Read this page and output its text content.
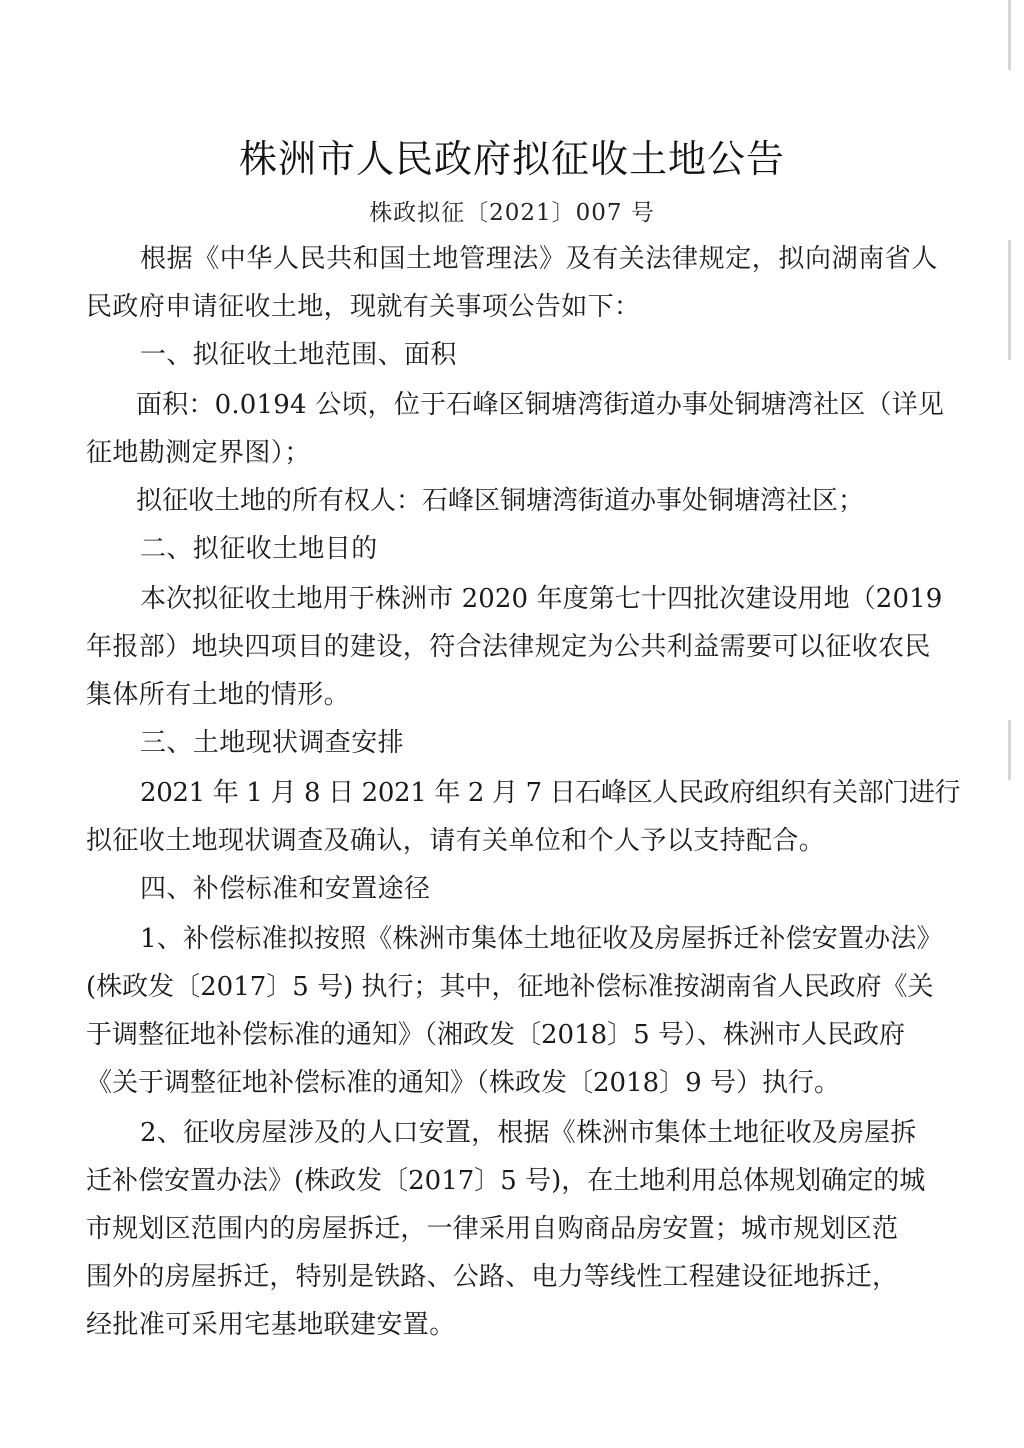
株洲市人民政府拟征收土地公告
株政拟征〔2021〕007 号
根据《中华人民共和国土地管理法》及有关法律规定，拟向湖南省人
民政府申请征收土地，现就有关事项公告如下：
一、拟征收土地范围、面积
面积：0.0194 公顷，位于石峰区铜塘湾街道办事处铜塘湾社区（详见
征地勘测定界图）；
拟征收土地的所有权人：石峰区铜塘湾街道办事处铜塘湾社区；
二、拟征收土地目的
本次拟征收土地用于株洲市 2020 年度第七十四批次建设用地（2019
年报部）地块四项目的建设，符合法律规定为公共利益需要可以征收农民
集体所有土地的情形。
三、土地现状调查安排
2021 年 1 月 8 日 2021 年 2 月 7 日石峰区人民政府组织有关部门进行
拟征收土地现状调查及确认，请有关单位和个人予以支持配合。
四、补偿标准和安置途径
1、补偿标准拟按照《株洲市集体土地征收及房屋拆迁补偿安置办法》
(株政发〔2017〕5 号) 执行；其中，征地补偿标准按湖南省人民政府《关
于调整征地补偿标准的通知》（湘政发〔2018〕5 号）、株洲市人民政府
《关于调整征地补偿标准的通知》（株政发〔2018〕9 号）执行。
2、征收房屋涉及的人口安置，根据《株洲市集体土地征收及房屋拆
迁补偿安置办法》(株政发〔2017〕5 号)，在土地利用总体规划确定的城
市规划区范围内的房屋拆迁，一律采用自购商品房安置；城市规划区范
围外的房屋拆迁，特别是铁路、公路、电力等线性工程建设征地拆迁，
经批准可采用宅基地联建安置。
